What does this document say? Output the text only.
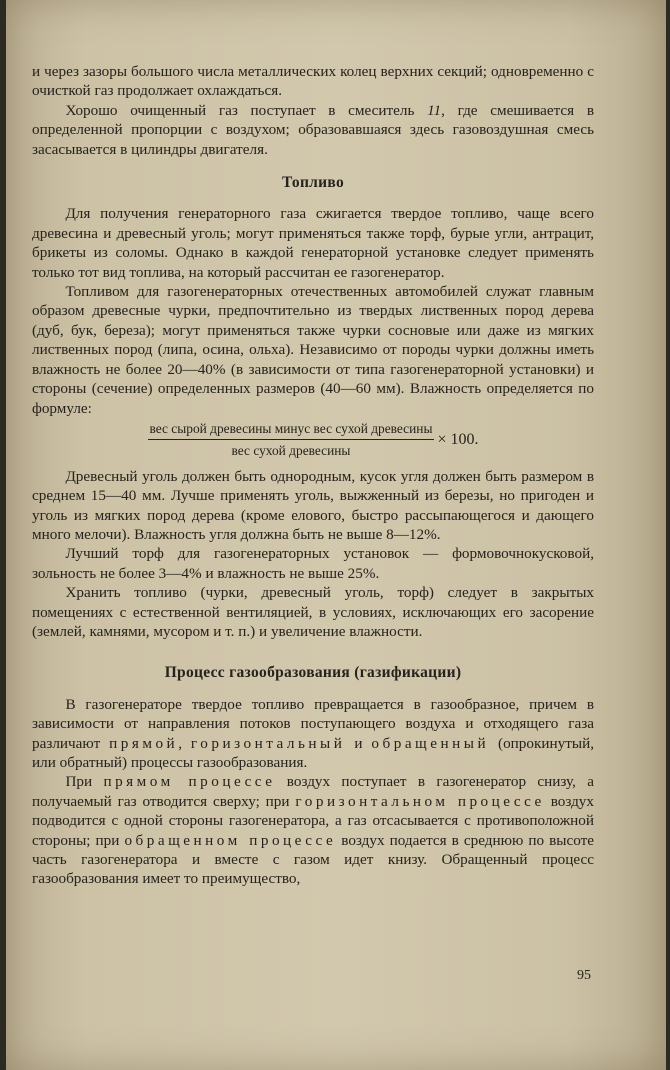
и через зазоры большого числа металлических колец верхних секций; одновременно с очисткой газ продолжает охлаждаться.

Хорошо очищенный газ поступает в смеситель 11, где смешивается в определенной пропорции с воздухом; образовавшаяся здесь газовоздушная смесь засасывается в цилиндры двигателя.

Топливо

Для получения генераторного газа сжигается твердое топливо, чаще всего древесина и древесный уголь; могут применяться также торф, бурые угли, антрацит, брикеты из соломы. Однако в каждой генераторной установке следует применять только тот вид топлива, на который рассчитан ее газогенератор.

Топливом для газогенераторных отечественных автомобилей служат главным образом древесные чурки, предпочтительно из твердых лиственных пород дерева (дуб, бук, береза); могут применяться также чурки сосновые или даже из мягких лиственных пород (липа, осина, ольха). Независимо от породы чурки должны иметь влажность не более 20—40% (в зависимости от типа газогенераторной установки) и стороны (сечение) определенных размеров (40—60 мм). Влажность определяется по формуле:

$\frac{\text{вес сырой древесины минус вес сухой древесины}}{\text{вес сухой древесины}} \times 100$.

Древесный уголь должен быть однородным, кусок угля должен быть размером в среднем 15—40 мм. Лучше применять уголь, выжженный из березы, но пригоден и уголь из мягких пород дерева (кроме елового, быстро рассыпающегося и дающего много мелочи). Влажность угля должна быть не выше 8—12%.

Лучший торф для газогенераторных установок — формовочнокусковой, зольность не более 3—4% и влажность не выше 25%.

Хранить топливо (чурки, древесный уголь, торф) следует в закрытых помещениях с естественной вентиляцией, в условиях, исключающих его засорение (землей, камнями, мусором и т. п.) и увеличение влажности.

Процесс газообразования (газификации)

В газогенераторе твердое топливо превращается в газообразное, причем в зависимости от направления потоков поступающего воздуха и отходящего газа различают прямой, горизонтальный и обращенный (опрокинутый, или обратный) процессы газообразования.

При прямом процессе воздух поступает в газогенератор снизу, а получаемый газ отводится сверху; при горизонтальном процессе воздух подводится с одной стороны газогенератора, а газ отсасывается с противоположной стороны; при обращенном процессе воздух подается в среднюю по высоте часть газогенератора и вместе с газом идет книзу. Обращенный процесс газообразования имеет то преимущество,

95
